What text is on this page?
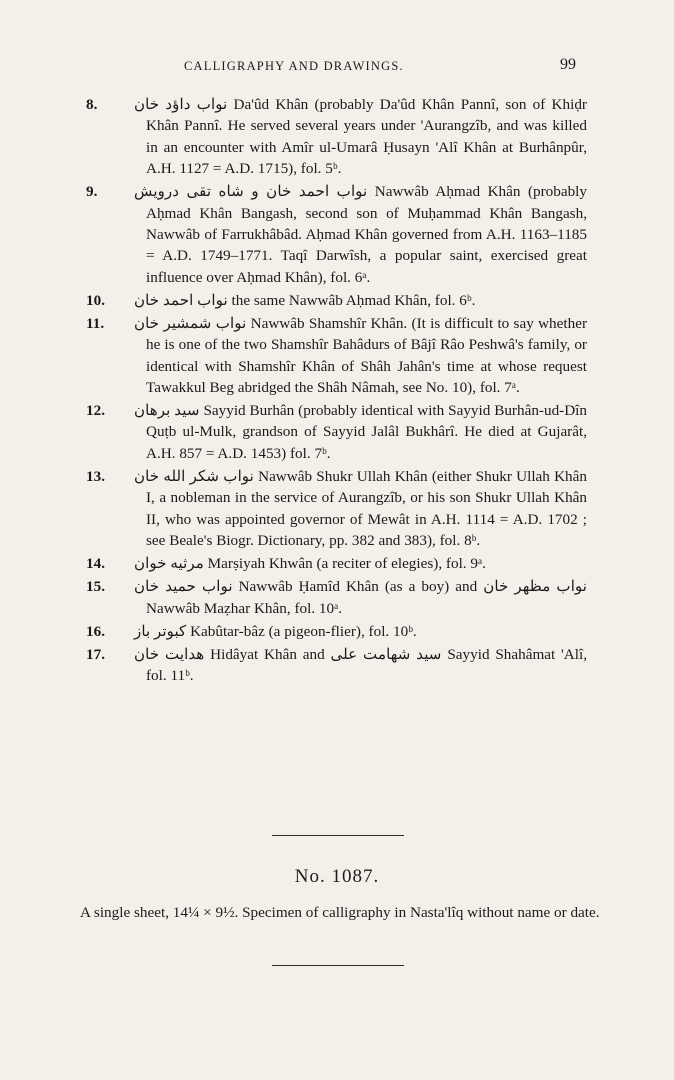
CALLIGRAPHY AND DRAWINGS.	99
8.	نواب داؤد خان Da'ûd Khân (probably Da'ûd Khân Pannî, son of Khiḍr Khân Pannî. He served several years under 'Aurangzîb, and was killed in an encounter with Amîr ul-Umarâ Ḥusayn 'Alî Khân at Burhânpûr, A.H. 1127 = A.D. 1715), fol. 5ᵇ.
9.	نواب احمد خان و شاه تقی درویش Nawwâb Aḥmad Khân (probably Aḥmad Khân Bangash, second son of Muḥammad Khân Bangash, Nawwâb of Farrukhâbâd. Aḥmad Khân governed from A.H. 1163–1185 = A.D. 1749–1771. Taqî Darwîsh, a popular saint, exercised great influence over Aḥmad Khân), fol. 6ᵃ.
10.	نواب احمد خان the same Nawwâb Aḥmad Khân, fol. 6ᵇ.
11.	نواب شمشیر خان Nawwâb Shamshîr Khân. (It is difficult to say whether he is one of the two Shamshîr Bahâdurs of Bâjî Râo Peshwâ's family, or identical with Shamshîr Khân of Shâh Jahân's time at whose request Tawakkul Beg abridged the Shâh Nâmah, see No. 10), fol. 7ᵃ.
12.	سید برهان Sayyid Burhân (probably identical with Sayyid Burhân-ud-Dîn Quṭb ul-Mulk, grandson of Sayyid Jalâl Bukhârî. He died at Gujarât, A.H. 857 = A.D. 1453) fol. 7ᵇ.
13.	نواب شکر الله خان Nawwâb Shukr Ullah Khân (either Shukr Ullah Khân I, a nobleman in the service of Aurangzîb, or his son Shukr Ullah Khân II, who was appointed governor of Mewât in A.H. 1114 = A.D. 1702 ; see Beale's Biogr. Dictionary, pp. 382 and 383), fol. 8ᵇ.
14.	مرثیه خوان Marṣiyah Khwân (a reciter of elegies), fol. 9ᵃ.
15.	نواب حمید خان Nawwâb Ḥamîd Khân (as a boy) and نواب مظهر خان Nawwâb Maẓhar Khân, fol. 10ᵃ.
16.	کبوتر باز Kabûtar-bâz (a pigeon-flier), fol. 10ᵇ.
17.	هدایت خان Hidâyat Khân and سید شهامت علی Sayyid Shahâmat 'Alî, fol. 11ᵇ.
No. 1087.
A single sheet, 14¼ × 9½. Specimen of calligraphy in Nasta'lîq without name or date.
